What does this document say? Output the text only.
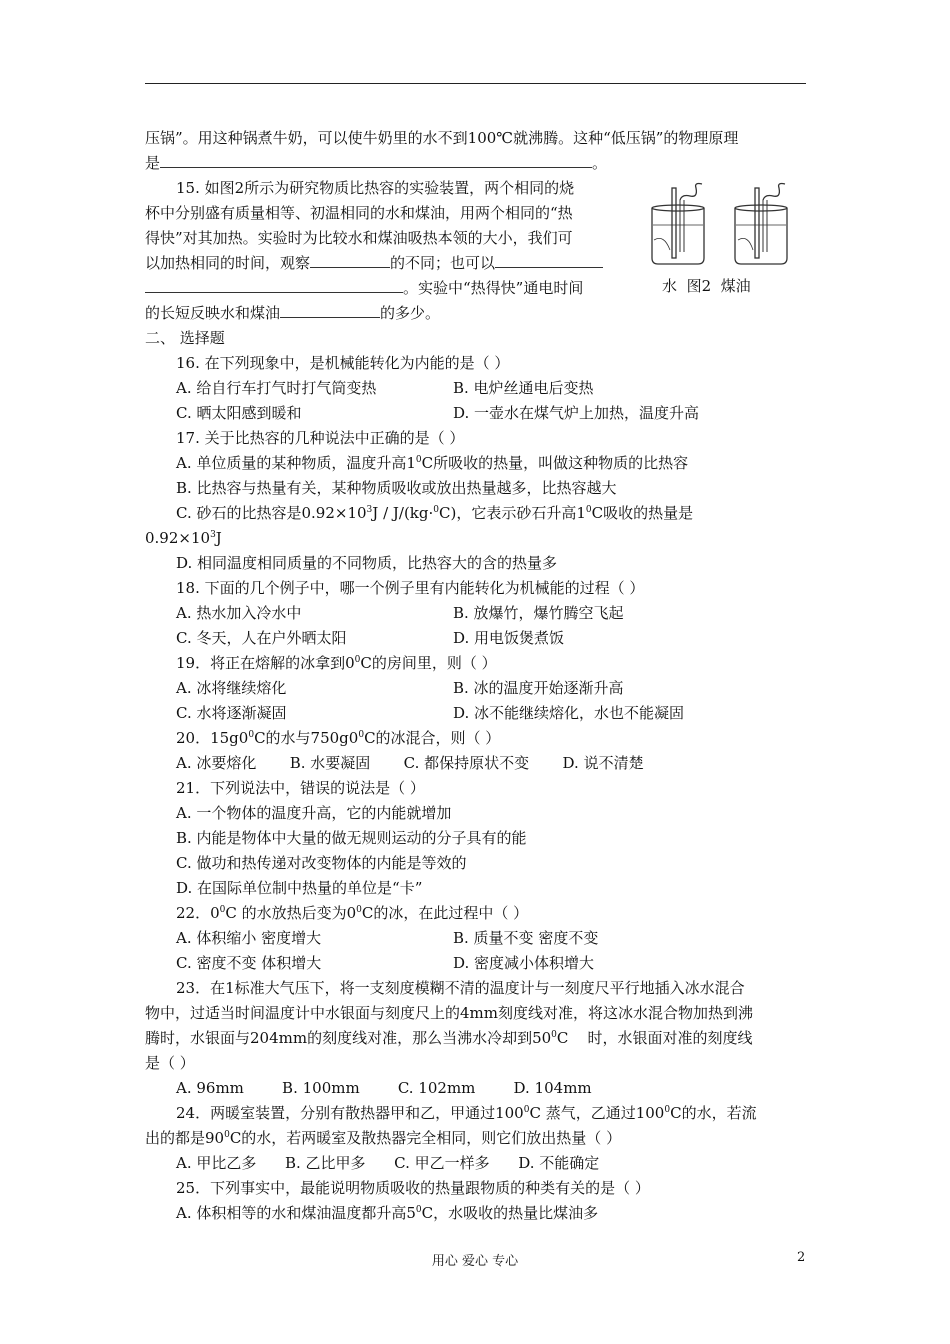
压锅”。用这种锅煮牛奶，可以使牛奶里的水不到100℃就沸腾。这种“低压锅”的物理原理
是	。
15. 如图2所示为研究物质比热容的实验装置，两个相同的烧
杯中分别盛有质量相等、初温相同的水和煤油，用两个相同的“热
得快”对其加热。实验时为比较水和煤油吸热本领的大小，我们可
以加热相同的时间，观察	的不同；也可以
。实验中“热得快”通电时间
的长短反映水和煤油	的多少。
水 图2 煤油
二、 选择题
16. 在下列现象中，是机械能转化为内能的是（ ）
A. 给自行车打气时打气筒变热	B. 电炉丝通电后变热
C. 晒太阳感到暖和	D. 一壶水在煤气炉上加热，温度升高
17. 关于比热容的几种说法中正确的是（ ）
A. 单位质量的某种物质，温度升高$1^0C$所吸收的热量，叫做这种物质的比热容
B. 比热容与热量有关，某种物质吸收或放出热量越多，比热容越大
C. 砂石的比热容是$0.92\times 10^3J / J/(kg\cdot^0C)$，它表示砂石升高$1^0C$吸收的热量是
$0.92\times 10^3J$
D. 相同温度相同质量的不同物质，比热容大的含的热量多
18. 下面的几个例子中，哪一个例子里有内能转化为机械能的过程（ ）
A. 热水加入冷水中	B. 放爆竹，爆竹腾空飞起
C. 冬天，人在户外晒太阳	D. 用电饭煲煮饭
19．将正在熔解的冰拿到$0^0C$的房间里，则（ ）
A. 冰将继续熔化	B. 冰的温度开始逐渐升高
C. 水将逐渐凝固	D. 冰不能继续熔化，水也不能凝固
20．$15g0^0C$的水与$750g0^0C$的冰混合，则（ ）
A. 冰要熔化       B. 水要凝固       C. 都保持原状不变       D. 说不清楚
21．下列说法中，错误的说法是（ ）
A. 一个物体的温度升高，它的内能就增加
B. 内能是物体中大量的做无规则运动的分子具有的能
C. 做功和热传递对改变物体的内能是等效的
D. 在国际单位制中热量的单位是“卡”
22．$0^0C$ 的水放热后变为$0^0C$的冰，在此过程中（ ）
A. 体积缩小 密度增大	B. 质量不变 密度不变
C. 密度不变 体积增大	D. 密度减小体积增大
23．在1标准大气压下，将一支刻度模糊不清的温度计与一刻度尺平行地插入冰水混合
物中，过适当时间温度计中水银面与刻度尺上的4mm刻度线对准，将这冰水混合物加热到沸
腾时，水银面与204mm的刻度线对准，那么当沸水冷却到$50^0C$    时，水银面对准的刻度线
是（ ）
A. 96mm        B. 100mm        C. 102mm        D. 104mm
24．两暖室装置，分别有散热器甲和乙，甲通过$100^0C$ 蒸气，乙通过$100^0C$的水，若流
出的都是$90^0C$的水，若两暖室及散热器完全相同，则它们放出热量（ ）
A. 甲比乙多      B. 乙比甲多      C. 甲乙一样多      D. 不能确定
25．下列事实中，最能说明物质吸收的热量跟物质的种类有关的是（ ）
A. 体积相等的水和煤油温度都升高$5^0C$，水吸收的热量比煤油多
用心 爱心 专心	2
